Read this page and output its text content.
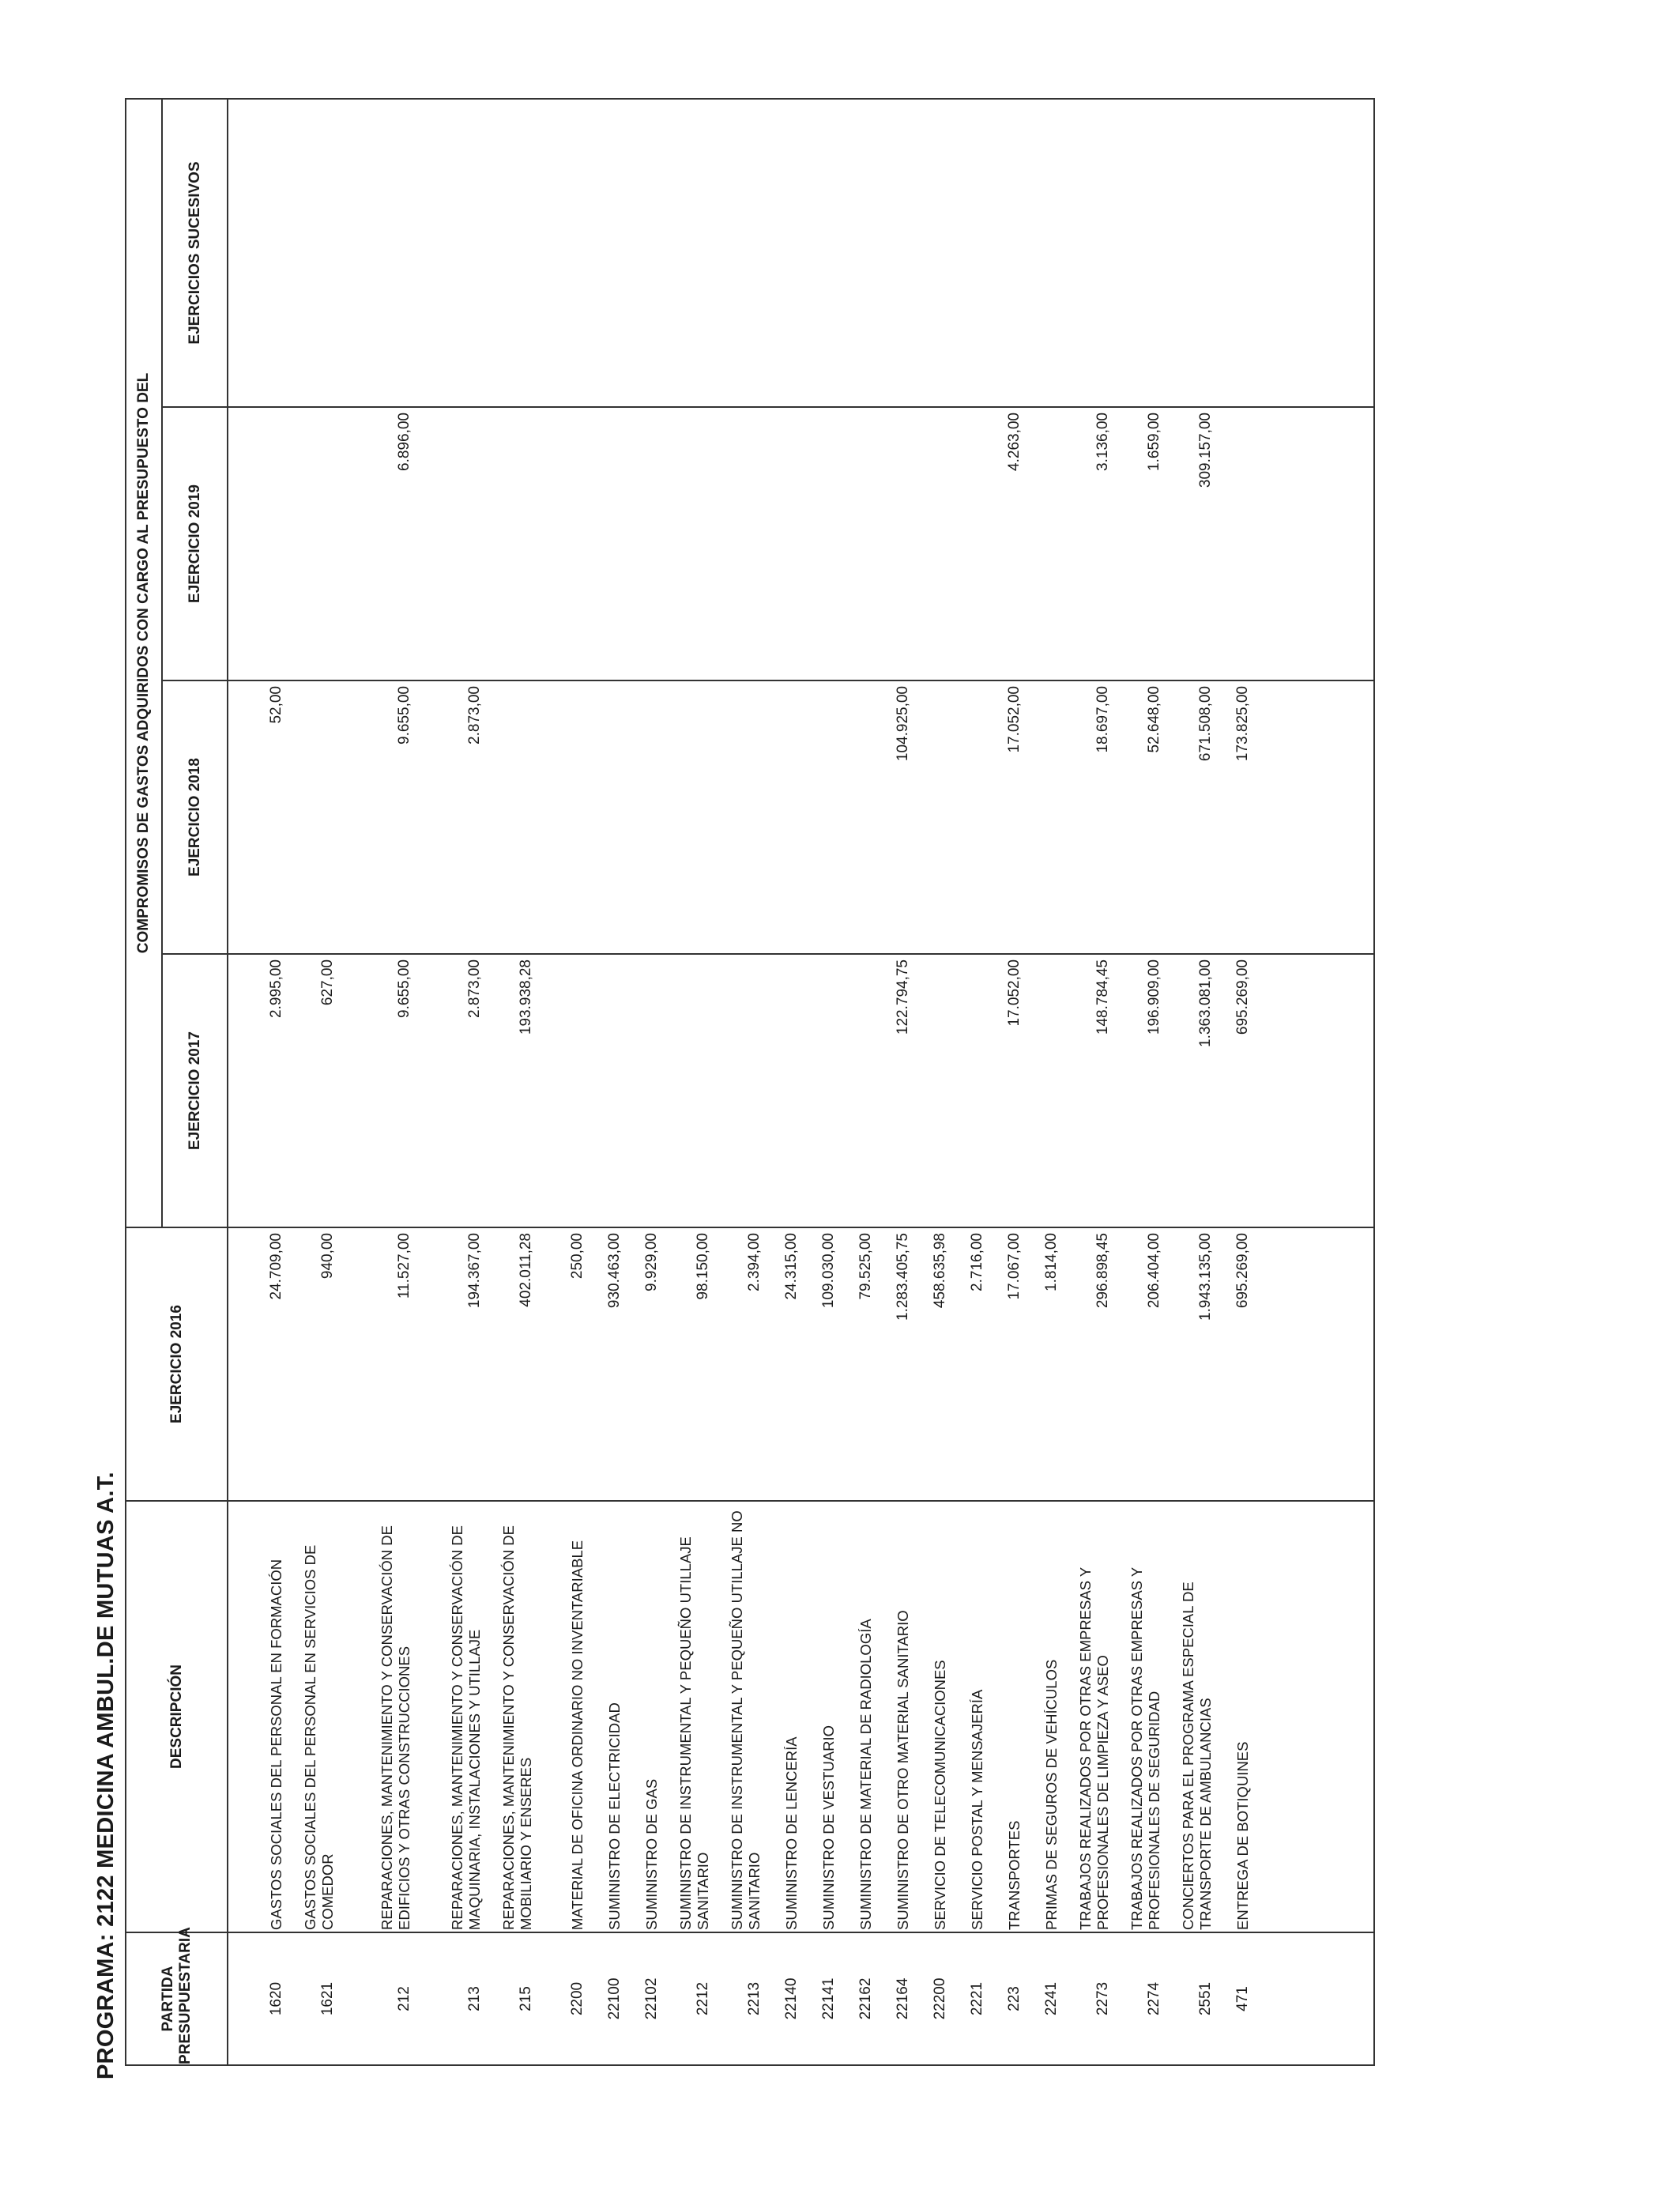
PROGRAMA: 2122 MEDICINA AMBUL.DE MUTUAS A.T.	PARTIDA PRESUPUESTARIA	DESCRIPCIÓN	EJERCICIO 2016	COMPROMISOS DE GASTOS ADQUIRIDOS CON CARGO AL PRESUPUESTO DEL			
			EJERCICIO 2017	EJERCICIO 2018	EJERCICIO 2019	EJERCICIOS SUCESIVOS

1620	GASTOS SOCIALES DEL PERSONAL EN FORMACIÓN	24.709,00	2.995,00	52,00		

1621	GASTOS SOCIALES DEL PERSONAL EN SERVICIOS DE COMEDOR	940,00	627,00			

212	REPARACIONES, MANTENIMIENTO Y CONSERVACIÓN DE EDIFICIOS Y OTRAS CONSTRUCCIONES	11.527,00	9.655,00	9.655,00	6.896,00	

213	REPARACIONES, MANTENIMIENTO Y CONSERVACIÓN DE MAQUINARIA, INSTALACIONES Y UTILLAJE	194.367,00	2.873,00	2.873,00		

215	REPARACIONES, MANTENIMIENTO Y CONSERVACIÓN DE MOBILIARIO Y ENSERES	402.011,28	193.938,28			

2200	MATERIAL DE OFICINA ORDINARIO NO INVENTARIABLE	250,00				

22100	SUMINISTRO DE ELECTRICIDAD	930.463,00				

22102	SUMINISTRO DE GAS	9.929,00				

2212	SUMINISTRO DE INSTRUMENTAL Y PEQUEÑO UTILLAJE SANITARIO	98.150,00				

2213	SUMINISTRO DE INSTRUMENTAL Y PEQUEÑO UTILLAJE NO SANITARIO	2.394,00				

22140	SUMINISTRO DE LENCERÍA	24.315,00				

22141	SUMINISTRO DE VESTUARIO	109.030,00				

22162	SUMINISTRO DE MATERIAL DE RADIOLOGÍA	79.525,00				

22164	SUMINISTRO DE OTRO MATERIAL SANITARIO	1.283.405,75	122.794,75	104.925,00		

22200	SERVICIO DE TELECOMUNICACIONES	458.635,98				

2221	SERVICIO POSTAL Y MENSAJERÍA	2.716,00				

223	TRANSPORTES	17.067,00	17.052,00	17.052,00	4.263,00	

2241	PRIMAS DE SEGUROS DE VEHÍCULOS	1.814,00				

2273	TRABAJOS REALIZADOS POR OTRAS EMPRESAS Y PROFESIONALES DE LIMPIEZA Y ASEO	296.898,45	148.784,45	18.697,00	3.136,00	

2274	TRABAJOS REALIZADOS POR OTRAS EMPRESAS Y PROFESIONALES DE SEGURIDAD	206.404,00	196.909,00	52.648,00	1.659,00	

2551	CONCIERTOS PARA EL PROGRAMA ESPECIAL DE TRANSPORTE DE AMBULANCIAS	1.943.135,00	1.363.081,00	671.508,00	309.157,00	

471	ENTREGA DE BOTIQUINES	695.269,00	695.269,00	173.825,00		
